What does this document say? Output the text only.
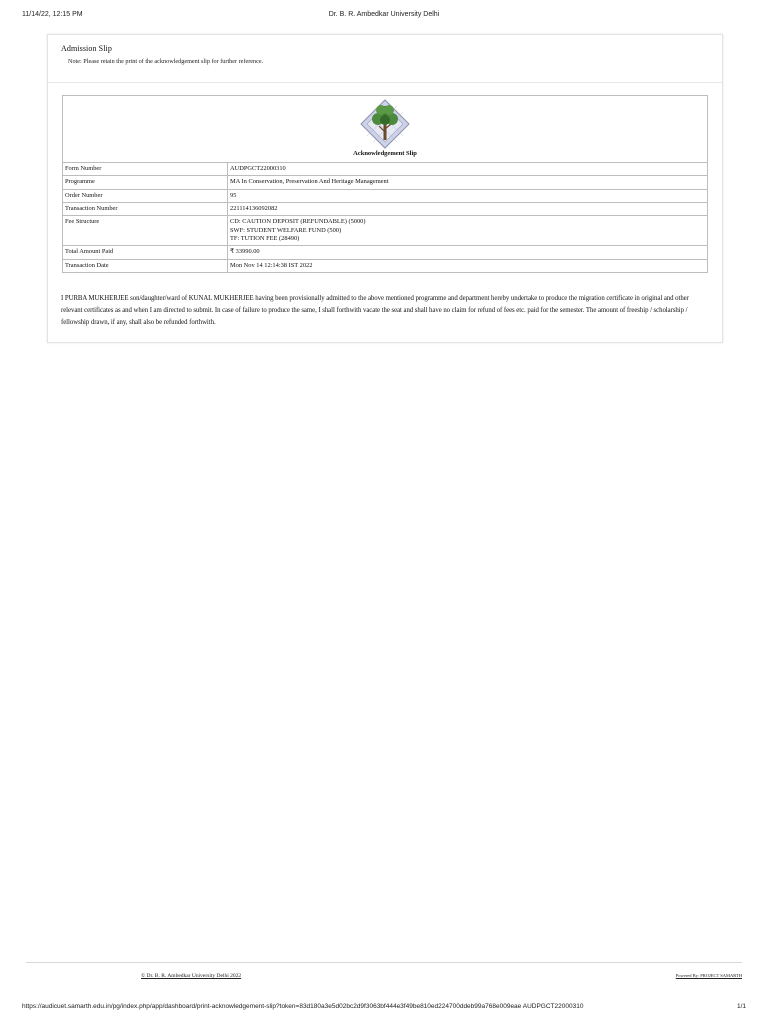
11/14/22, 12:15 PM	Dr. B. R. Ambedkar University Delhi
Admission Slip
Note: Please retain the print of the acknowledgement slip for further reference.
Acknowledgement Slip	

Form Number	AUDPGCT22000310
Programme	MA In Conservation, Preservation And Heritage Management
Order Number	95
Transaction Number	221114136092082
Fee Structure	CD: CAUTION DEPOSIT (REFUNDABLE) (5000)
SWF: STUDENT WELFARE FUND (500)
TF: TUTION FEE (28490)

Total Amount Paid	₹ 33990.00
Transaction Date	Mon Nov 14 12:14:38 IST 2022
I PURBA MUKHERJEE son/daughter/ward of KUNAL MUKHERJEE having been provisionally admitted to the above mentioned programme and department hereby undertake to produce the migration certificate in original and other relevant certificates as and when I am directed to submit. In case of failure to produce the same, I shall forthwith vacate the seat and shall have no claim for refund of fees etc. paid for the semester. The amount of freeship / scholarship / fellowship drawn, if any, shall also be refunded forthwith.
© Dr. B. R. Ambedkar University Delhi 2022	Powered By: PROJECT SAMARTH
https://audicuet.samarth.edu.in/pg/index.php/app/dashboard/print-acknowledgement-slip?token=83d180a3e5d02bc2d9f3063bf444e3f49be810ed224700ddeb99a768e009eae AUDPGCT22000310	1/1
